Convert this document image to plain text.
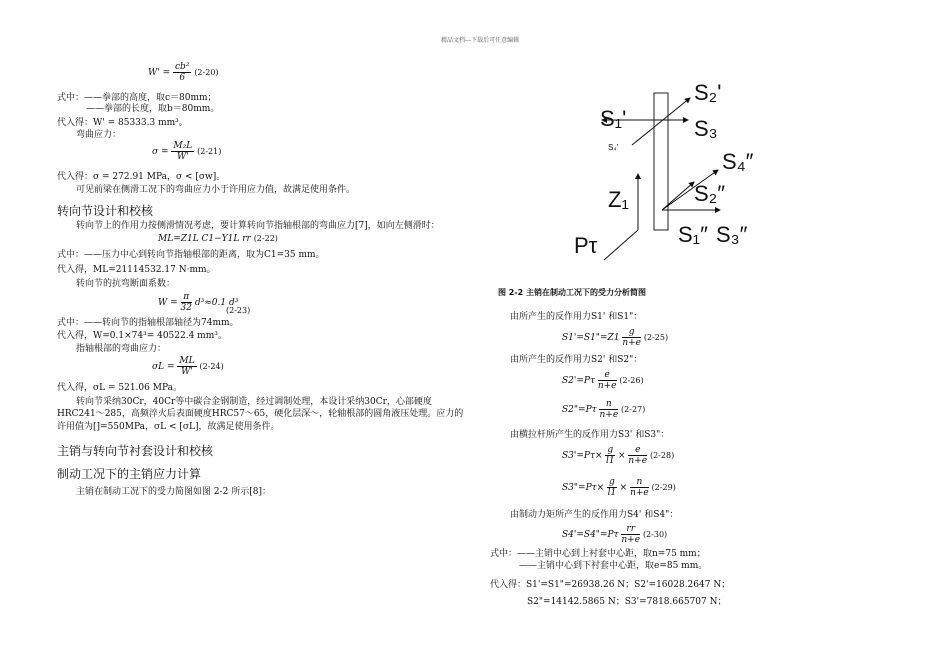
精品文档---下载后可任意编辑
$W' = \frac{\text{cb²}}{6} (2-20)$
式中：——拳部的高度，取c＝80mm；
——拳部的长度，取b＝80mm。
代入得：W' = 85333.3 mm³。
弯曲应力：
$\sigma = \frac{\text{M₂L}}{W'} (2-21)$
代入得：σ = 272.91 MPa，σ < [σw]。
可见前梁在侧滑工况下的弯曲应力小于许用应力值，故满足使用条件。
转向节设计和校核
转向节上的作用力按侧滑情况考虑，要计算转向节指轴根部的弯曲应力[7]，如向左侧滑时：
ML=Z1L C1−Y1L rr (2-22)
式中：——压力中心到转向节指轴根部的距离，取为C1=35 mm。
代入得，ML=21114532.17 N·mm。
转向节的抗弯断面系数：
$W = \frac{\pi}{32} d^3\approx 0.1$ d³
(2-23)
式中：——转向节的指轴根部轴径为74mm。
代入得，W=0.1×74³= 40522.4 mm³。
指轴根部的弯曲应力：
$\sigma L = \frac{ML}{W'} (2-24)$
代入得，σL = 521.06 MPa。
转向节采纳30Cr，40Cr等中碳合金钢制造，经过调制处理，本设计采纳30Cr，心部硬度
HRC241～285，高频淬火后表面硬度HRC57～65，硬化层深～，轮轴根部的圆角液压处理。应力的
许用值为[]=550MPa，σL < [σL]，故满足使用条件。
主销与转向节衬套设计和校核
制动工况下的主销应力计算
主销在制动工况下的受力简图如图 2-2 所示[8]：
S₁'
S₂'
S₃
S₄'
S₄″
S₂″
Z₁
S₁″ S₃″
Pτ
图 2-2 主销在制动工况下的受力分析简图
由所产生的反作用力S1' 和S1"：
S1'=S1"=Z1 $\frac{g}{n+e} (2-25)$
由所产生的反作用力S2' 和S2"：
$S2'=P\tau \frac{e}{n+e} (2-26)$
S2"=Pτ $\frac{n}{n+e} (2-27)$
由横拉杆所产生的反作用力S3' 和S3"：
$S3'=P\tau\times \frac{g}{l1} \times \frac{e}{n+e} (2-28)$
S3"=Pτ× $\frac{g}{l1} \times \frac{n}{n+e} (2-29)$
由制动力矩所产生的反作用力S4' 和S4"：
S4'=S4"=Pτ $\frac{rr}{n+e} (2-30)$
式中：——主销中心到上衬套中心距，取n=75 mm；
——主销中心到下衬套中心距，取e=85 mm。
代入得：S1'=S1"=26938.26 N；S2'=16028.2647 N；
S2"=14142.5865 N；S3'=7818.665707 N；
